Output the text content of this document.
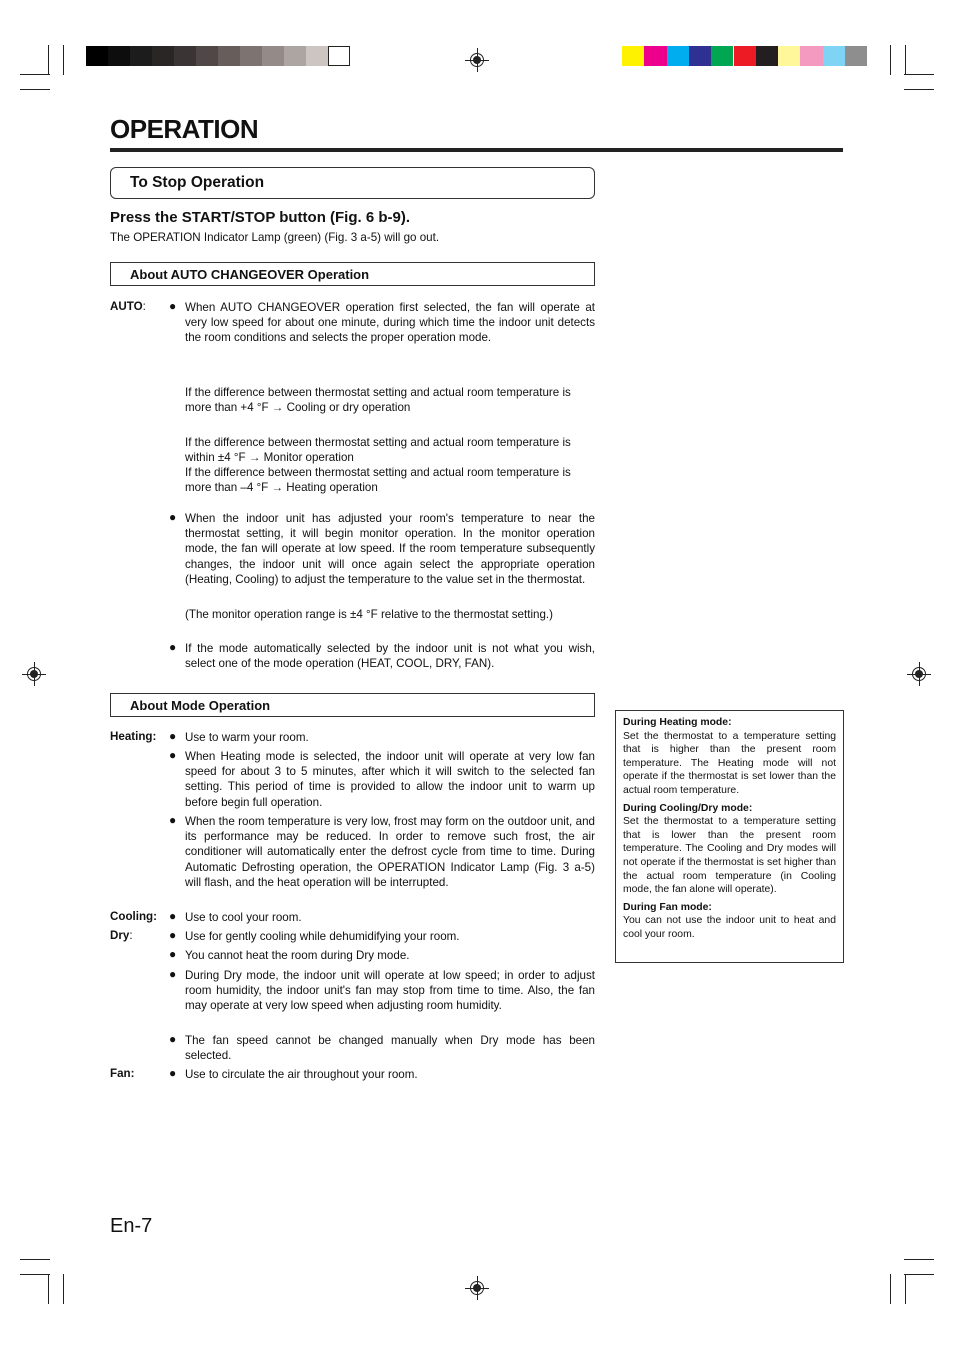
OPERATION
To Stop Operation
Press the START/STOP button (Fig. 6 b-9).
The OPERATION Indicator Lamp (green) (Fig. 3 a-5) will go out.
About AUTO CHANGEOVER Operation
AUTO: ● When AUTO CHANGEOVER operation first selected, the fan will operate at very low speed for about one minute, during which time the indoor unit detects the room conditions and selects the proper operation mode.
If the difference between thermostat setting and actual room temperature is more than +4 °F → Cooling or dry operation
If the difference between thermostat setting and actual room temperature is within ±4 °F → Monitor operation
If the difference between thermostat setting and actual room temperature is more than –4 °F → Heating operation
● When the indoor unit has adjusted your room's temperature to near the thermostat setting, it will begin monitor operation. In the monitor operation mode, the fan will operate at low speed. If the room temperature subsequently changes, the indoor unit will once again select the appropriate operation (Heating, Cooling) to adjust the temperature to the value set in the thermostat.
(The monitor operation range is ±4 °F relative to the thermostat setting.)
● If the mode automatically selected by the indoor unit is not what you wish, select one of the mode operation (HEAT, COOL, DRY, FAN).
About Mode Operation
Heating: ● Use to warm your room.
● When Heating mode is selected, the indoor unit will operate at very low fan speed for about 3 to 5 minutes, after which it will switch to the selected fan setting. This period of time is provided to allow the indoor unit to warm up before begin full operation.
● When the room temperature is very low, frost may form on the outdoor unit, and its performance may be reduced. In order to remove such frost, the air conditioner will automatically enter the defrost cycle from time to time. During Automatic Defrosting operation, the OPERATION Indicator Lamp (Fig. 3 a-5) will flash, and the heat operation will be interrupted.
Cooling: ● Use to cool your room.
Dry:	● Use for gently cooling while dehumidifying your room.
● You cannot heat the room during Dry mode.
● During Dry mode, the indoor unit will operate at low speed; in order to adjust room humidity, the indoor unit's fan may stop from time to time. Also, the fan may operate at very low speed when adjusting room humidity.
● The fan speed cannot be changed manually when Dry mode has been selected.
Fan:	● Use to circulate the air throughout your room.
During Heating mode:
Set the thermostat to a temperature setting that is higher than the present room temperature. The Heating mode will not operate if the thermostat is set lower than the actual room temperature.
During Cooling/Dry mode:
Set the thermostat to a temperature setting that is lower than the present room temperature. The Cooling and Dry modes will not operate if the thermostat is set higher than the actual room temperature (in Cooling mode, the fan alone will operate).
During Fan mode:
You can not use the indoor unit to heat and cool your room.
En-7
